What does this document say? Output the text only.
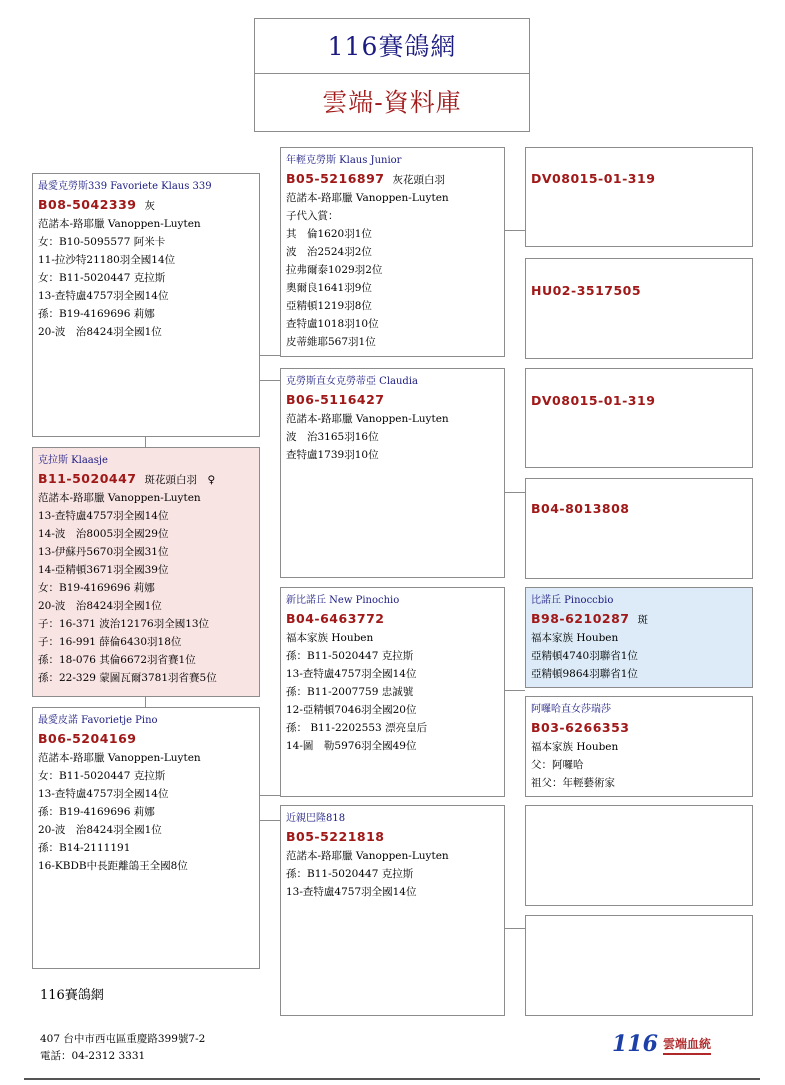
116賽鴿網
雲端-資料庫
最愛克勞斯339 Favoriete Klaus 339
B08-5042339 灰
范諾本-路耶臘 Vanoppen-Luyten
女：B10-5095577 阿米卡
11-拉沙特21180羽全國14位
女：B11-5020447 克拉斯
13-查特盧4757羽全國14位
孫：B19-4169696 莉娜
20-波　治8424羽全國1位
克拉斯 Klaasje
B11-5020447 斑花頭白羽　♀
范諾本-路耶臘 Vanoppen-Luyten
13-查特盧4757羽全國14位
14-波　治8005羽全國29位
13-伊蘇丹5670羽全國31位
14-亞精頓3671羽全國39位
女：B19-4169696 莉娜
20-波　治8424羽全國1位
子：16-371 波治12176羽全國13位
子：16-991 薛倫6430羽18位
孫：18-076 其倫6672羽省賽1位
孫：22-329 蒙圖瓦爾3781羽省賽5位
最愛皮諾 Favorietje Pino
B06-5204169
范諾本-路耶臘 Vanoppen-Luyten
女：B11-5020447 克拉斯
13-查特盧4757羽全國14位
孫：B19-4169696 莉娜
20-波　治8424羽全國1位
孫：B14-2111191
16-KBDB中長距離鴿王全國8位
年輕克勞斯 Klaus Junior
B05-5216897 灰花頭白羽
范諾本-路耶臘 Vanoppen-Luyten
子代入賞：
其　倫1620羽1位
波　治2524羽2位
拉弗爾泰1029羽2位
奧爾良1641羽9位
亞精頓1219羽8位
查特盧1018羽10位
皮蒂維耶567羽1位
克勞斯直女克勞蒂亞 Claudia
B06-5116427
范諾本-路耶臘 Vanoppen-Luyten
波　治3165羽16位
查特盧1739羽10位
新比諾丘 New Pinochio
B04-6463772
福本家族 Houben
孫：B11-5020447 克拉斯
13-查特盧4757羽全國14位
孫：B11-2007759 忠誠號
12-亞精頓7046羽全國20位
孫： B11-2202553 漂亮皇后
14-圖　勒5976羽全國49位
近親巴隆818
B05-5221818
范諾本-路耶臘 Vanoppen-Luyten
孫：B11-5020447 克拉斯
13-查特盧4757羽全國14位
DV08015-01-319
HU02-3517505
DV08015-01-319
B04-8013808
比諾丘 Pinoccbio
B98-6210287 斑
福本家族 Houben
亞精頓4740羽聯省1位
亞精頓9864羽聯省1位
阿囉哈直女莎瑞莎
B03-6266353
福本家族 Houben
父：阿囉哈
祖父：年輕藝術家
116賽鴿網
407 台中市西屯區重慶路399號7-2
電話：04-2312 3331	116 雲端血統
